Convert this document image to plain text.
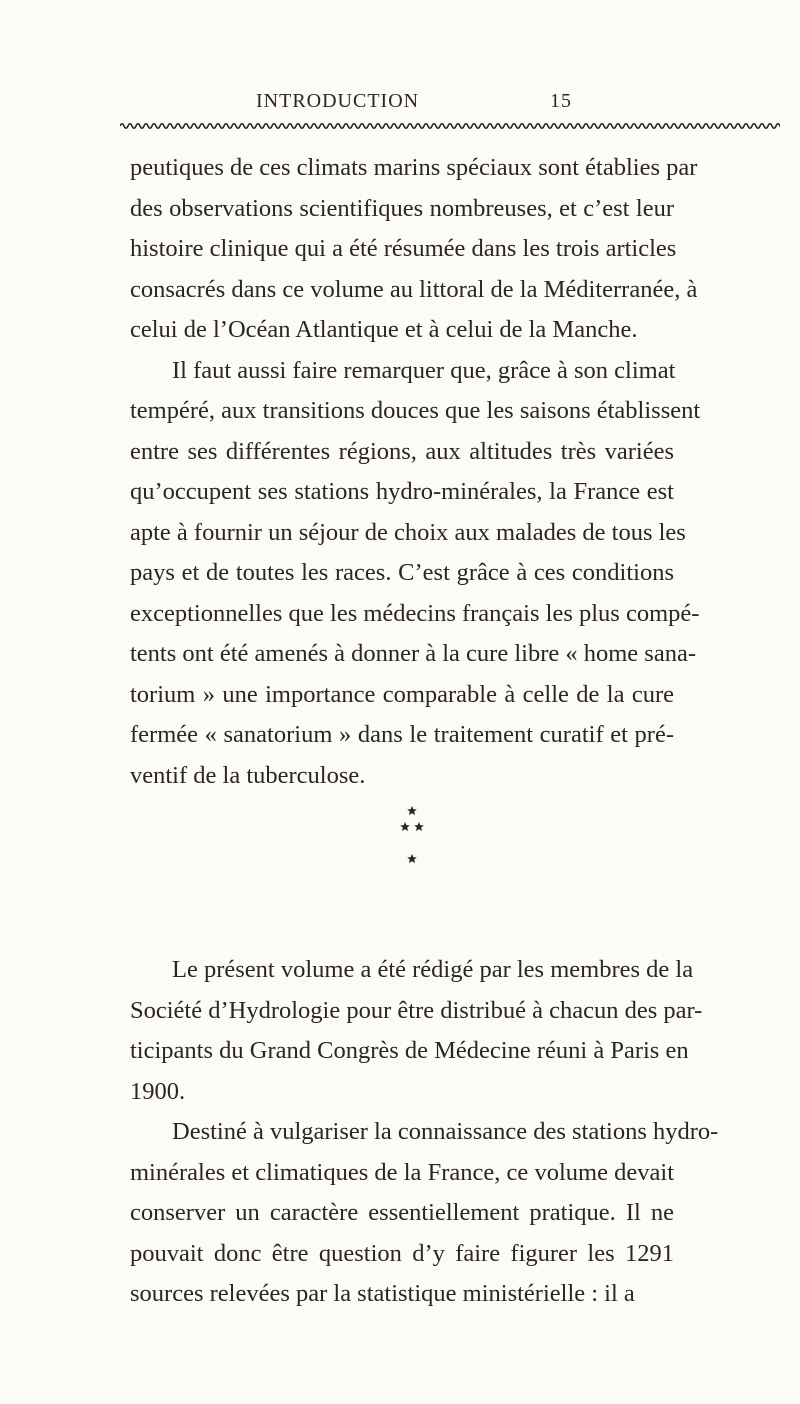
INTRODUCTION	15
peutiques de ces climats marins spéciaux sont établies par
des observations scientifiques nombreuses, et c’est leur
histoire clinique qui a été résumée dans les trois articles
consacrés dans ce volume au littoral de la Méditerranée, à
celui de l’Océan Atlantique et à celui de la Manche.
Il faut aussi faire remarquer que, grâce à son climat
tempéré, aux transitions douces que les saisons établissent
entre ses différentes régions, aux altitudes très variées
qu’occupent ses stations hydro-minérales, la France est
apte à fournir un séjour de choix aux malades de tous les
pays et de toutes les races. C’est grâce à ces conditions
exceptionnelles que les médecins français les plus compé-
tents ont été amenés à donner à la cure libre « home sana-
torium » une importance comparable à celle de la cure
fermée « sanatorium » dans le traitement curatif et pré-
ventif de la tuberculose.
Le présent volume a été rédigé par les membres de la
Société d’Hydrologie pour être distribué à chacun des par-
ticipants du Grand Congrès de Médecine réuni à Paris en
1900.
Destiné à vulgariser la connaissance des stations hydro-
minérales et climatiques de la France, ce volume devait
conserver un caractère essentiellement pratique. Il ne
pouvait donc être question d’y faire figurer les 1291
sources relevées par la statistique ministérielle : il a
